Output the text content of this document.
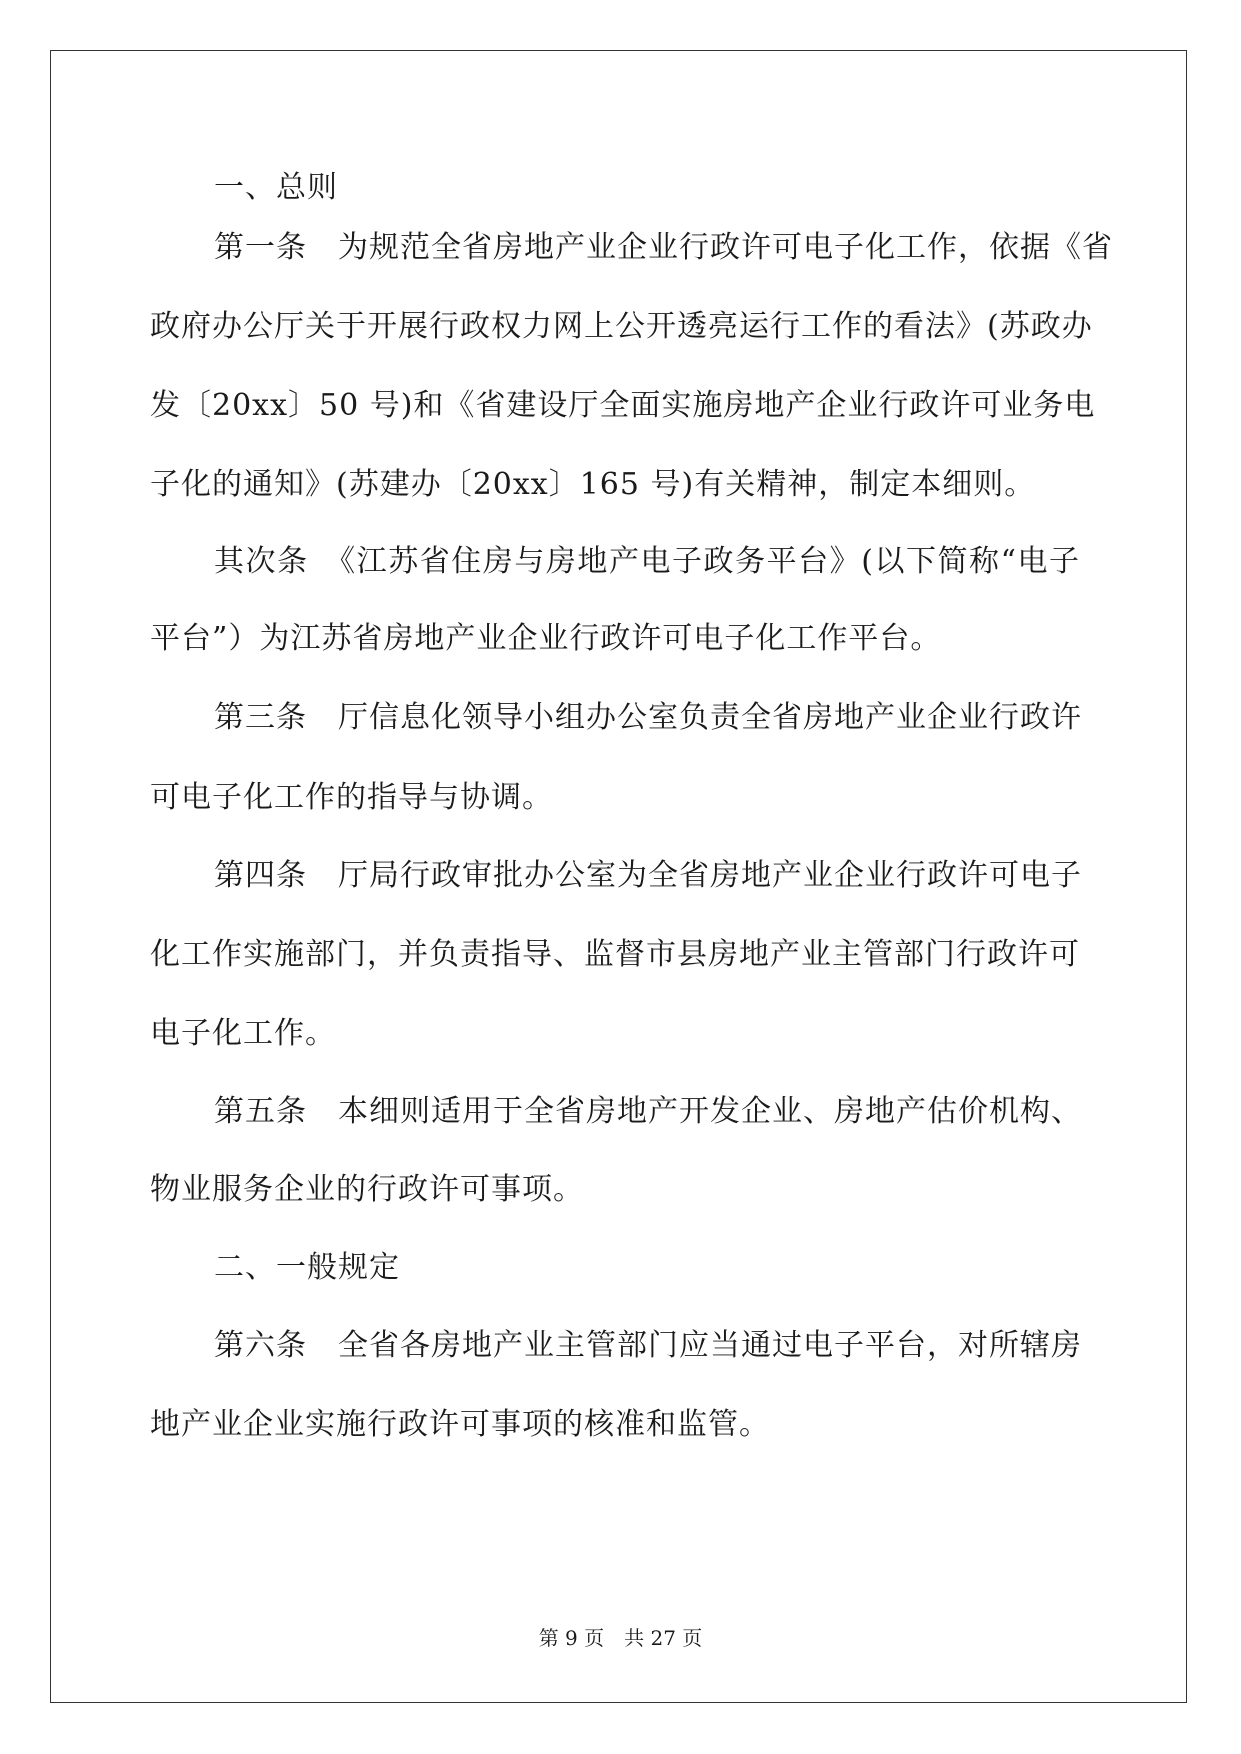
一、总则
第一条　为规范全省房地产业企业行政许可电子化工作，依据《省
政府办公厅关于开展行政权力网上公开透亮运行工作的看法》(苏政办
发〔20xx〕50 号)和《省建设厅全面实施房地产企业行政许可业务电
子化的通知》(苏建办〔20xx〕165 号)有关精神，制定本细则。
其次条　《江苏省住房与房地产电子政务平台》(以下简称“电子
平台”）为江苏省房地产业企业行政许可电子化工作平台。
第三条　厅信息化领导小组办公室负责全省房地产业企业行政许
可电子化工作的指导与协调。
第四条　厅局行政审批办公室为全省房地产业企业行政许可电子
化工作实施部门，并负责指导、监督市县房地产业主管部门行政许可
电子化工作。
第五条　本细则适用于全省房地产开发企业、房地产估价机构、
物业服务企业的行政许可事项。
二、一般规定
第六条　全省各房地产业主管部门应当通过电子平台，对所辖房
地产业企业实施行政许可事项的核准和监管。
第 9 页　共 27 页
